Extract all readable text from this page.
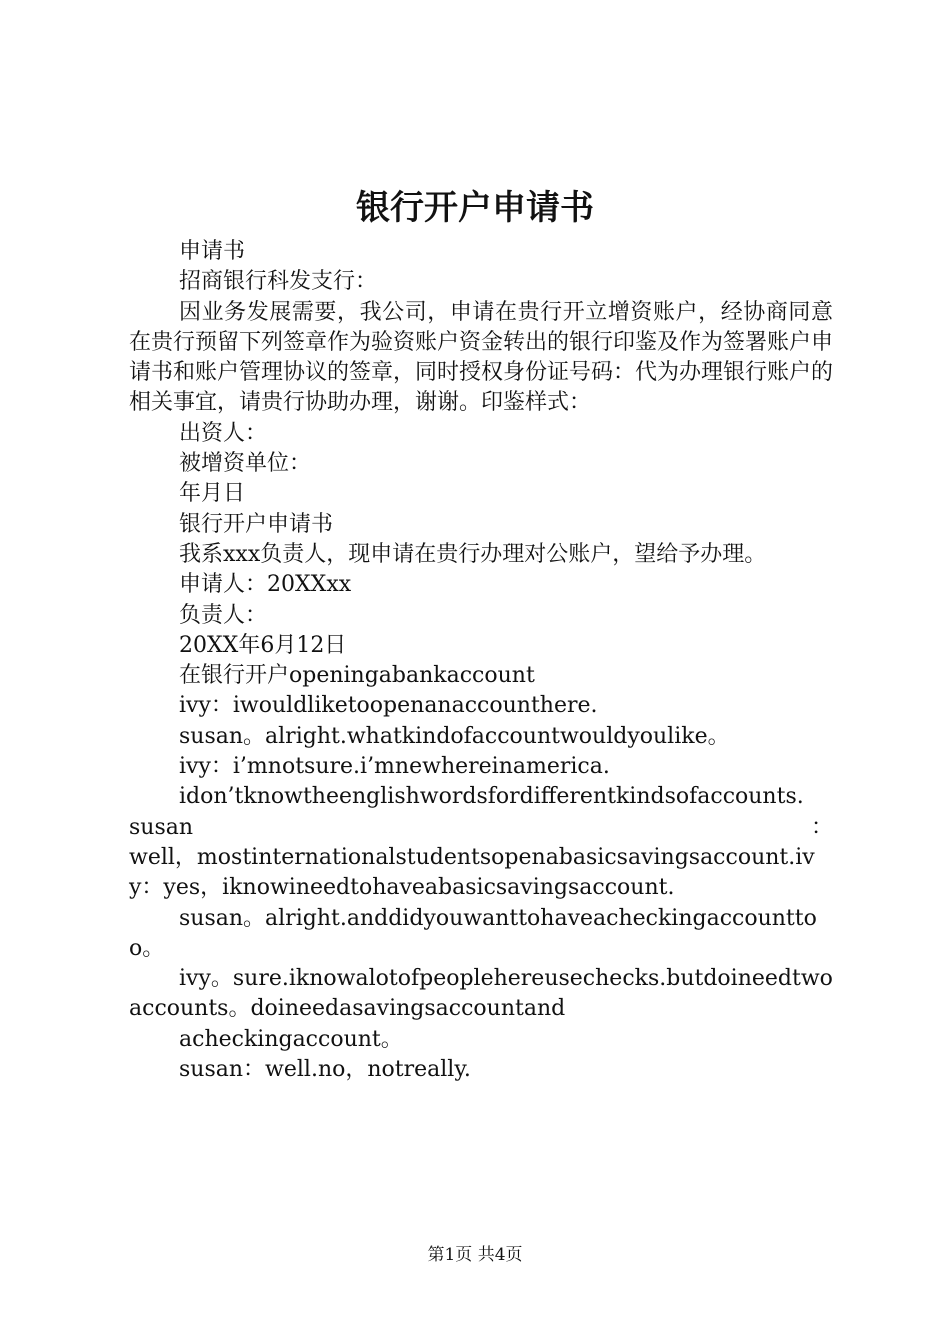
银行开户申请书

申请书

招商银行科发支行：

因业务发展需要，我公司，申请在贵行开立增资账户，经协商同意在贵行预留下列签章作为验资账户资金转出的银行印鉴及作为签署账户申请书和账户管理协议的签章，同时授权身份证号码：代为办理银行账户的相关事宜，请贵行协助办理，谢谢。印鉴样式：

出资人：

被增资单位：

年月日

银行开户申请书

我系xxx负责人，现申请在贵行办理对公账户，望给予办理。

申请人：20XXxx

负责人：

20XX年6月12日

在银行开户openingabankaccount

ivy：iwouldliketoopenanaccounthere.

susan。alright.whatkindofaccountwouldyoulike。

ivy：i’mnotsure.i’mnewhereinamerica.

idon’tknowtheenglishwordsfordifferentkindsofaccounts.

susan	：

well，mostinternationalstudentsopenabasicsavingsaccount.ivy：yes，iknowineedtohaveabasicsavingsaccount.

susan。alright.anddidyouwanttohaveacheckingaccounttoo。

ivy。sure.iknowalotofpeopleherеusechecks.butdoineedtwoaccounts。doineedasavingsaccountand

acheckingaccount。

susan：well.no，notreally.

第1页 共4页
